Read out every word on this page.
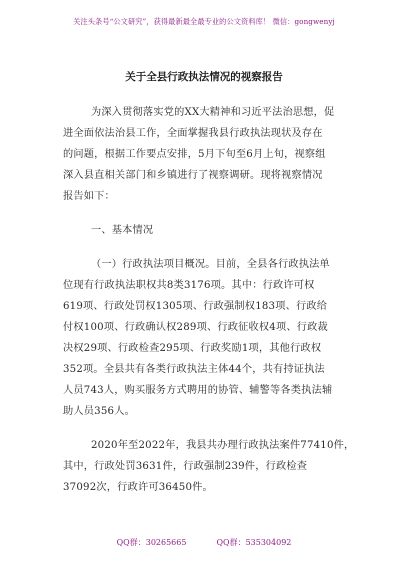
关注头条号“公文研究”，获得最新最全最专业的公文资料库！ 微信：gongwenyj
关于全县行政执法情况的视察报告
为深入贯彻落实党的XX大精神和习近平法治思想，促
进全面依法治县工作，全面掌握我县行政执法现状及存在
的问题，根据工作要点安排，5月下旬至6月上旬，视察组
深入县直相关部门和乡镇进行了视察调研。现将视察情况
报告如下：
一、基本情况
（一）行政执法项目概况。目前，全县各行政执法单
位现有行政执法职权共8类3176项。其中：行政许可权
619项、行政处罚权1305项、行政强制权183项、行政给
付权100项、行政确认权289项、行政征收权4项、行政裁
决权29项、行政检查295项、行政奖励1项，其他行政权
352项。全县共有各类行政执法主体44个，共有持证执法
人员743人，购买服务方式聘用的协管、辅警等各类执法辅
助人员356人。
2020年至2022年，我县共办理行政执法案件77410件，
其中，行政处罚3631件，行政强制239件，行政检查
37092次，行政许可36450件。
QQ群：30265665	QQ群：535304092
